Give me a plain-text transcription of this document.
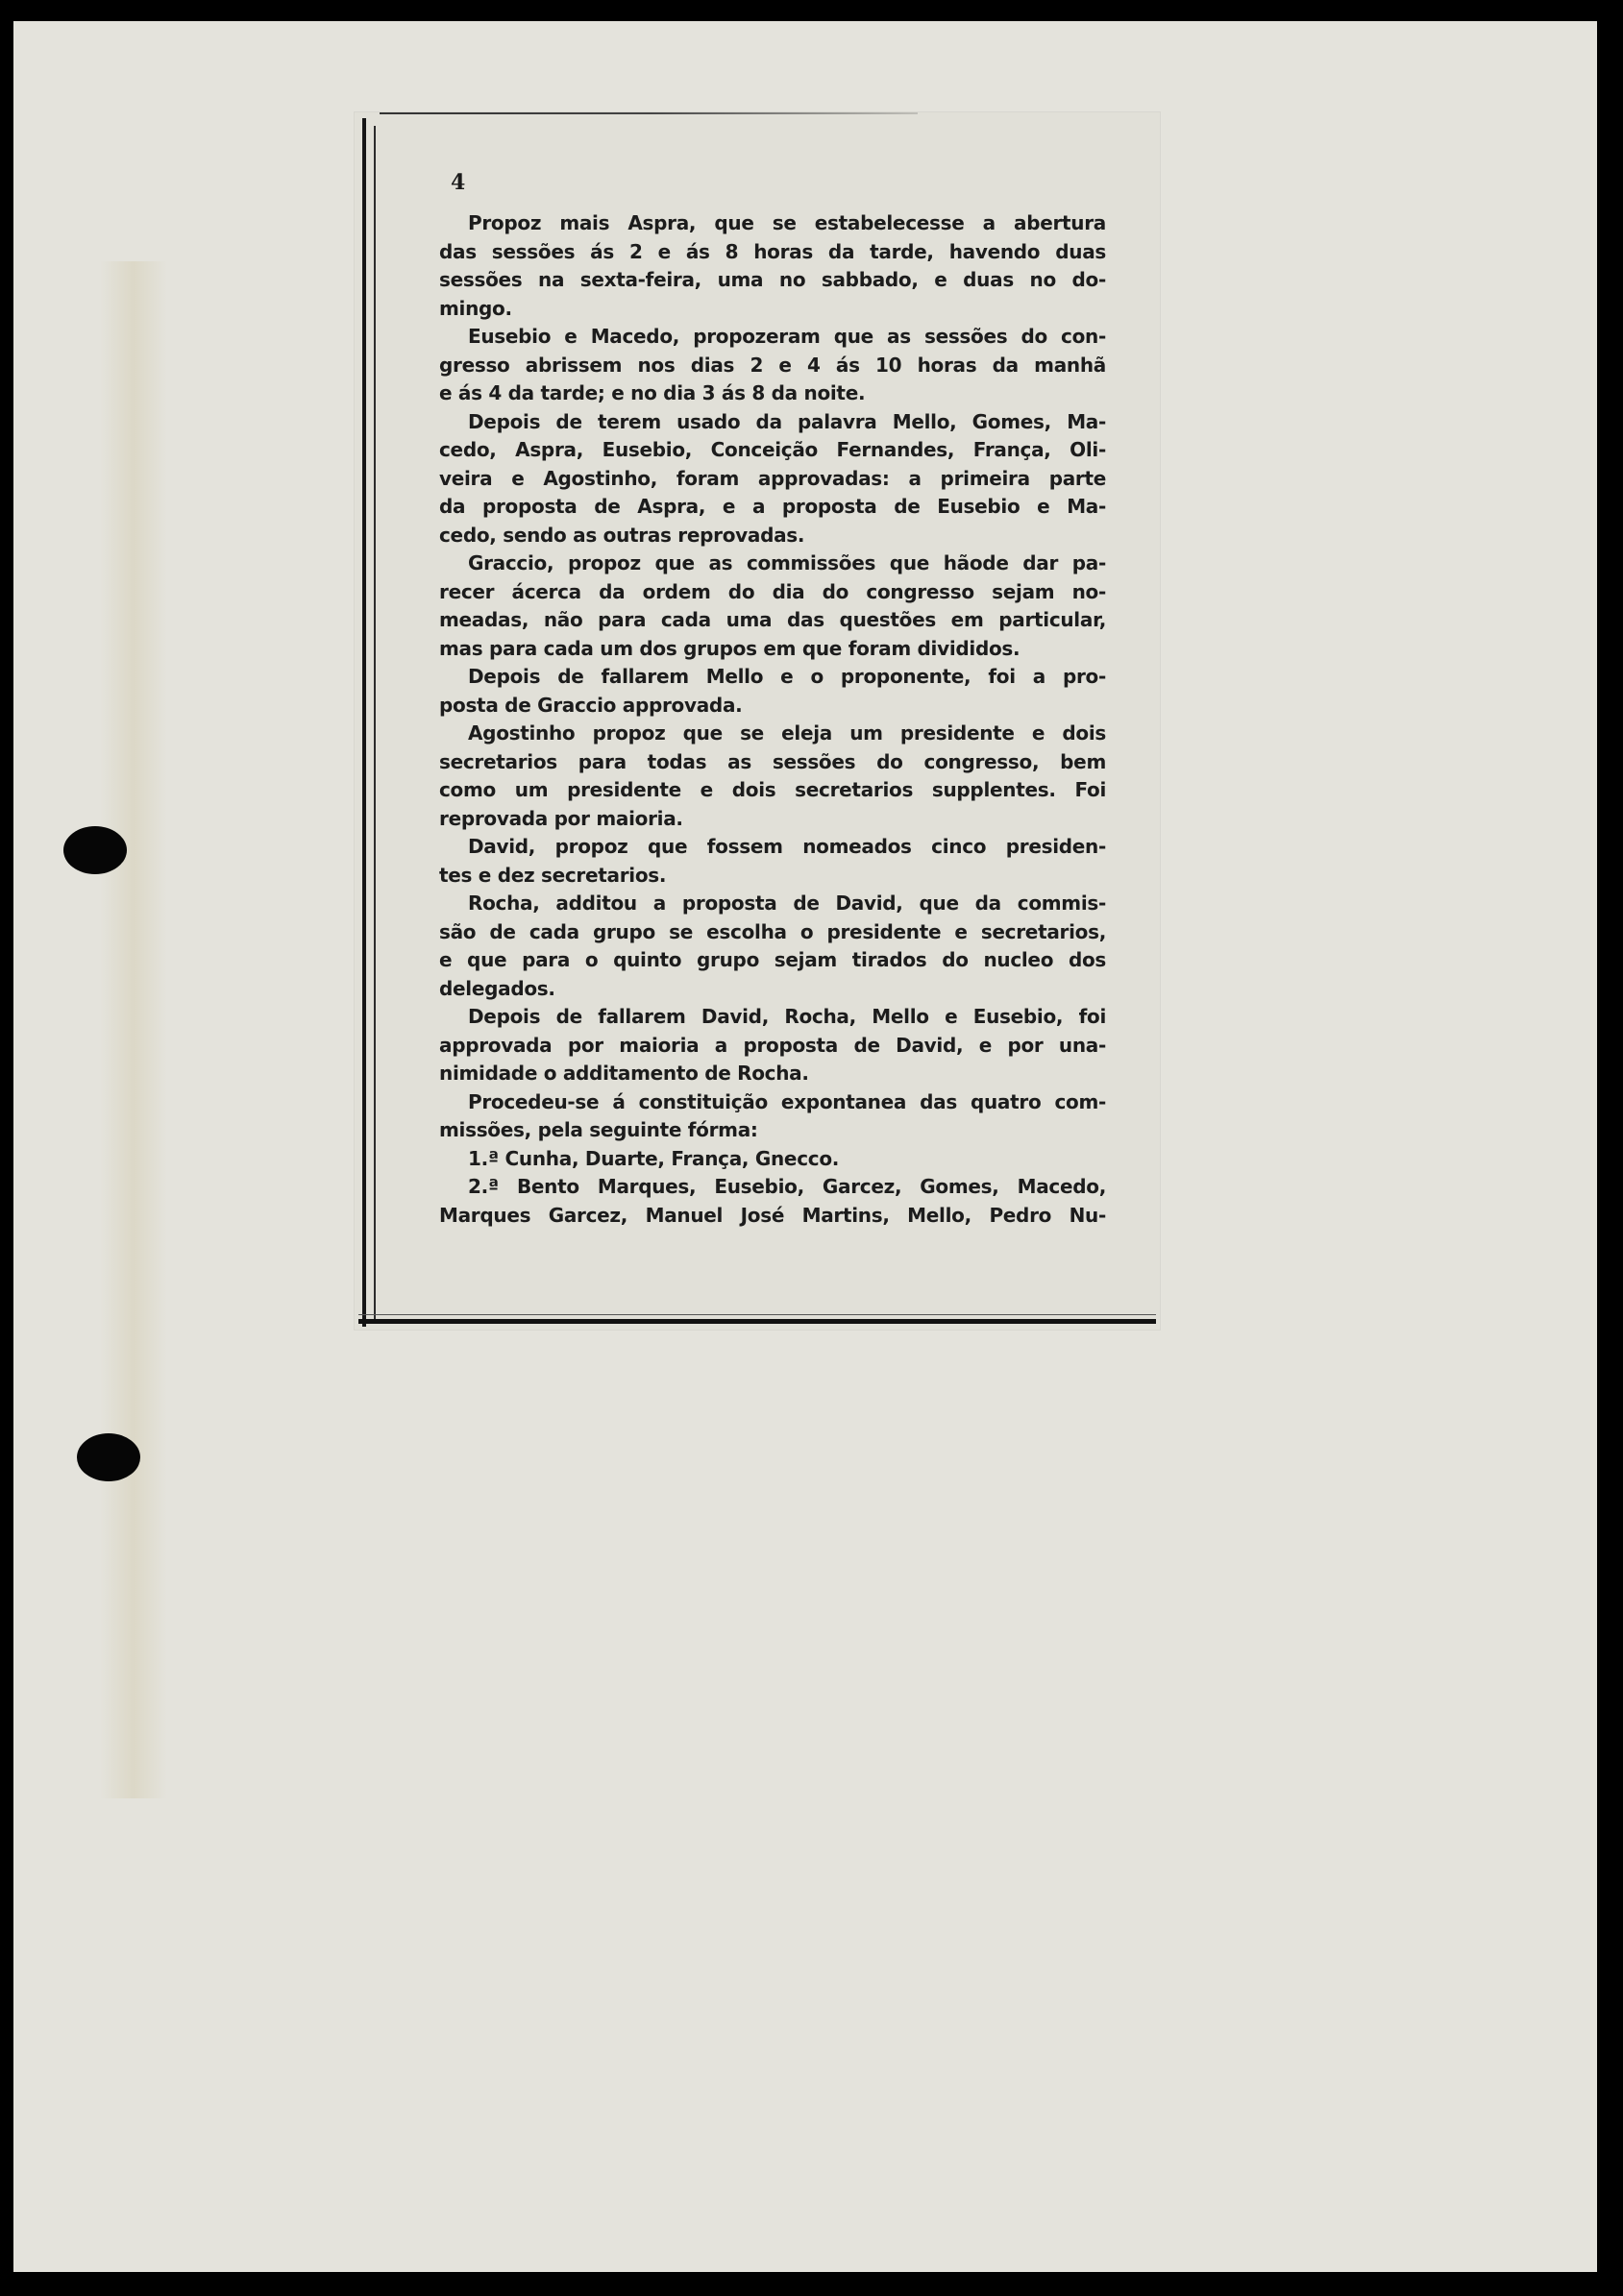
4
Propoz mais Aspra, que se estabelecesse a abertura
das sessões ás 2 e ás 8 horas da tarde, havendo duas
sessões na sexta-feira, uma no sabbado, e duas no do-
mingo.
Eusebio e Macedo, propozeram que as sessões do con-
gresso abrissem nos dias 2 e 4 ás 10 horas da manhã
e ás 4 da tarde; e no dia 3 ás 8 da noite.
Depois de terem usado da palavra Mello, Gomes, Ma-
cedo, Aspra, Eusebio, Conceição Fernandes, França, Oli-
veira e Agostinho, foram approvadas: a primeira parte
da proposta de Aspra, e a proposta de Eusebio e Ma-
cedo, sendo as outras reprovadas.
Graccio, propoz que as commissões que hãode dar pa-
recer ácerca da ordem do dia do congresso sejam no-
meadas, não para cada uma das questões em particular,
mas para cada um dos grupos em que foram divididos.
Depois de fallarem Mello e o proponente, foi a pro-
posta de Graccio approvada.
Agostinho propoz que se eleja um presidente e dois
secretarios para todas as sessões do congresso, bem
como um presidente e dois secretarios supplentes. Foi
reprovada por maioria.
David, propoz que fossem nomeados cinco presiden-
tes e dez secretarios.
Rocha, additou a proposta de David, que da commis-
são de cada grupo se escolha o presidente e secretarios,
e que para o quinto grupo sejam tirados do nucleo dos
delegados.
Depois de fallarem David, Rocha, Mello e Eusebio, foi
approvada por maioria a proposta de David, e por una-
nimidade o additamento de Rocha.
Procedeu-se á constituição expontanea das quatro com-
missões, pela seguinte fórma:
1.ª Cunha, Duarte, França, Gnecco.
2.ª Bento Marques, Eusebio, Garcez, Gomes, Macedo,
Marques Garcez, Manuel José Martins, Mello, Pedro Nu-
